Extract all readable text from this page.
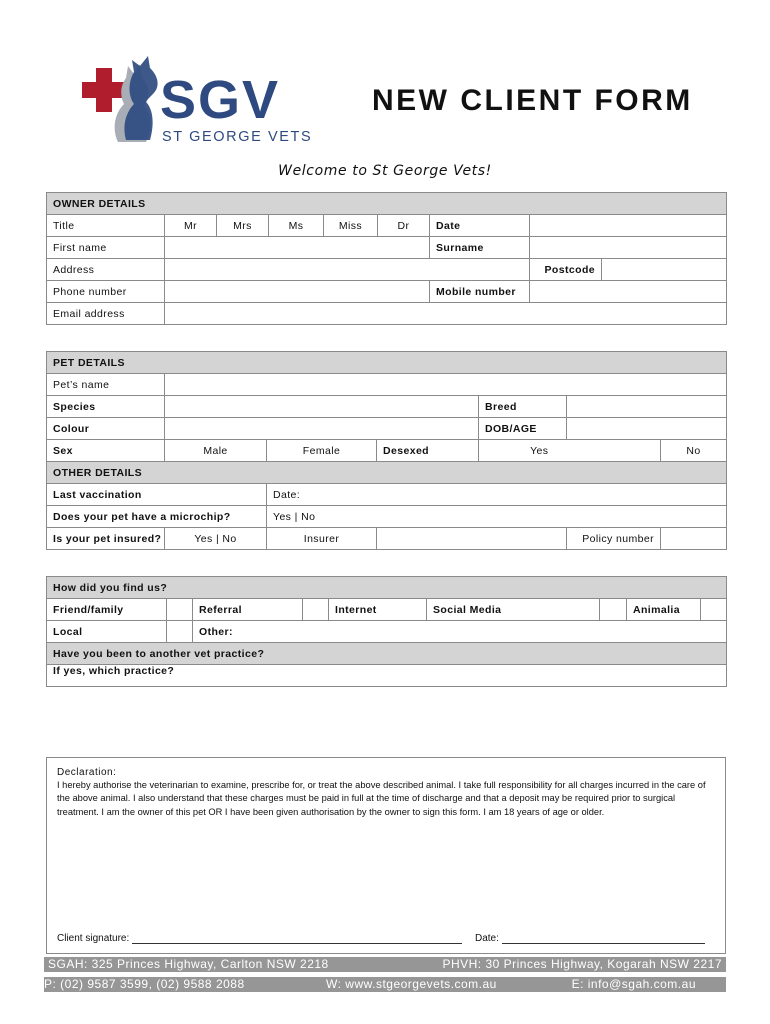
SGV
ST GEORGE VETS
NEW CLIENT FORM
Welcome to St George Vets!
OWNER DETAILS								
Title	Mr	Mrs	Ms	Miss	Dr	Date		
First name						Surname		
Address							Postcode	
Phone number						Mobile number		
Email address								
PET DETAILS							
Pet’s name							
Species				Breed			
Colour				DOB/AGE			
Sex	Male	Female	Desexed	Yes			No
OTHER DETAILS							
Last vaccination		Date:					
Does your pet have a microchip?		Yes | No					
Is your pet insured?	Yes | No	Insurer			Policy number		
How did you find us?								
Friend/family		Referral		Internet	Social Media		Animalia	
Local		Other:						
Have you been to another vet practice?								
If yes, which practice?								
Declaration:
I hereby authorise the veterinarian to examine, prescribe for, or treat the above described animal. I take full responsibility for all charges incurred in the care of the above animal. I also understand that these charges must be paid in full at the time of discharge and that a deposit may be required prior to surgical treatment. I am the owner of this pet OR I have been given authorisation by the owner to sign this form. I am 18 years of age or older.
Client signature:	Date:
SGAH: 325 Princes Highway, Carlton NSW 2218	PHVH: 30 Princes Highway, Kogarah NSW 2217
P: (02) 9587 3599, (02) 9588 2088	W: www.stgeorgevets.com.au	E: info@sgah.com.au
